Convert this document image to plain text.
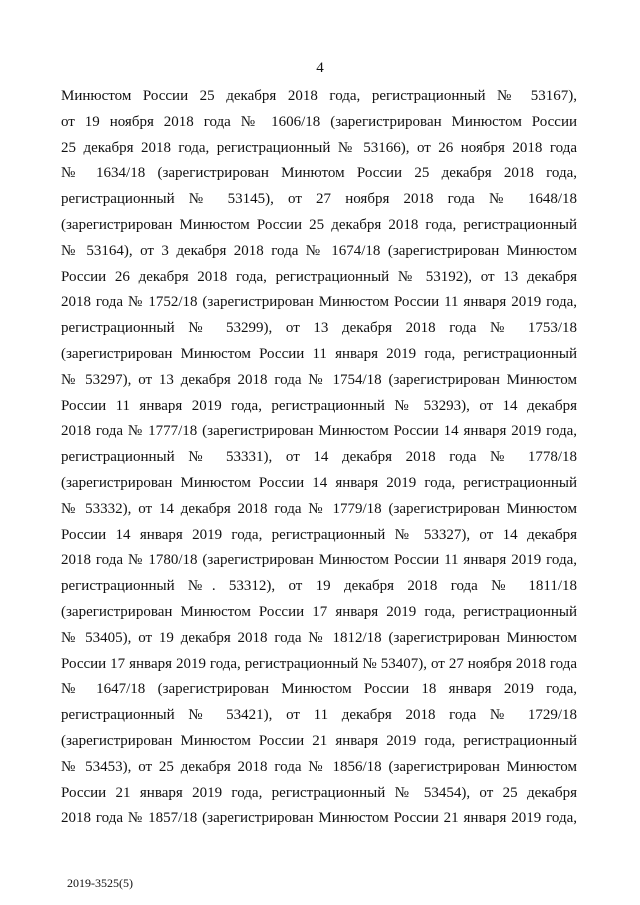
4
Минюстом России 25 декабря 2018 года, регистрационный № 53167),
от 19 ноября 2018 года № 1606/18 (зарегистрирован Минюстом России
25 декабря 2018 года, регистрационный № 53166), от 26 ноября 2018 года
№ 1634/18 (зарегистрирован Минютом России 25 декабря 2018 года,
регистрационный № 53145), от 27 ноября 2018 года № 1648/18
(зарегистрирован Минюстом России 25 декабря 2018 года, регистрационный
№ 53164), от 3 декабря 2018 года № 1674/18 (зарегистрирован Минюстом
России 26 декабря 2018 года, регистрационный № 53192), от 13 декабря
2018 года № 1752/18 (зарегистрирован Минюстом России 11 января 2019 года,
регистрационный № 53299), от 13 декабря 2018 года № 1753/18
(зарегистрирован Минюстом России 11 января 2019 года, регистрационный
№ 53297), от 13 декабря 2018 года № 1754/18 (зарегистрирован Минюстом
России 11 января 2019 года, регистрационный № 53293), от 14 декабря
2018 года № 1777/18 (зарегистрирован Минюстом России 14 января 2019 года,
регистрационный № 53331), от 14 декабря 2018 года № 1778/18
(зарегистрирован Минюстом России 14 января 2019 года, регистрационный
№ 53332), от 14 декабря 2018 года № 1779/18 (зарегистрирован Минюстом
России 14 января 2019 года, регистрационный № 53327), от 14 декабря
2018 года № 1780/18 (зарегистрирован Минюстом России 11 января 2019 года,
регистрационный №. 53312), от 19 декабря 2018 года № 1811/18
(зарегистрирован Минюстом России 17 января 2019 года, регистрационный
№ 53405), от 19 декабря 2018 года № 1812/18 (зарегистрирован Минюстом
России 17 января 2019 года, регистрационный № 53407), от 27 ноября 2018 года
№ 1647/18 (зарегистрирован Минюстом России 18 января 2019 года,
регистрационный № 53421), от 11 декабря 2018 года № 1729/18
(зарегистрирован Минюстом России 21 января 2019 года, регистрационный
№ 53453), от 25 декабря 2018 года № 1856/18 (зарегистрирован Минюстом
России 21 января 2019 года, регистрационный № 53454), от 25 декабря
2018 года № 1857/18 (зарегистрирован Минюстом России 21 января 2019 года,
2019-3525(5)
